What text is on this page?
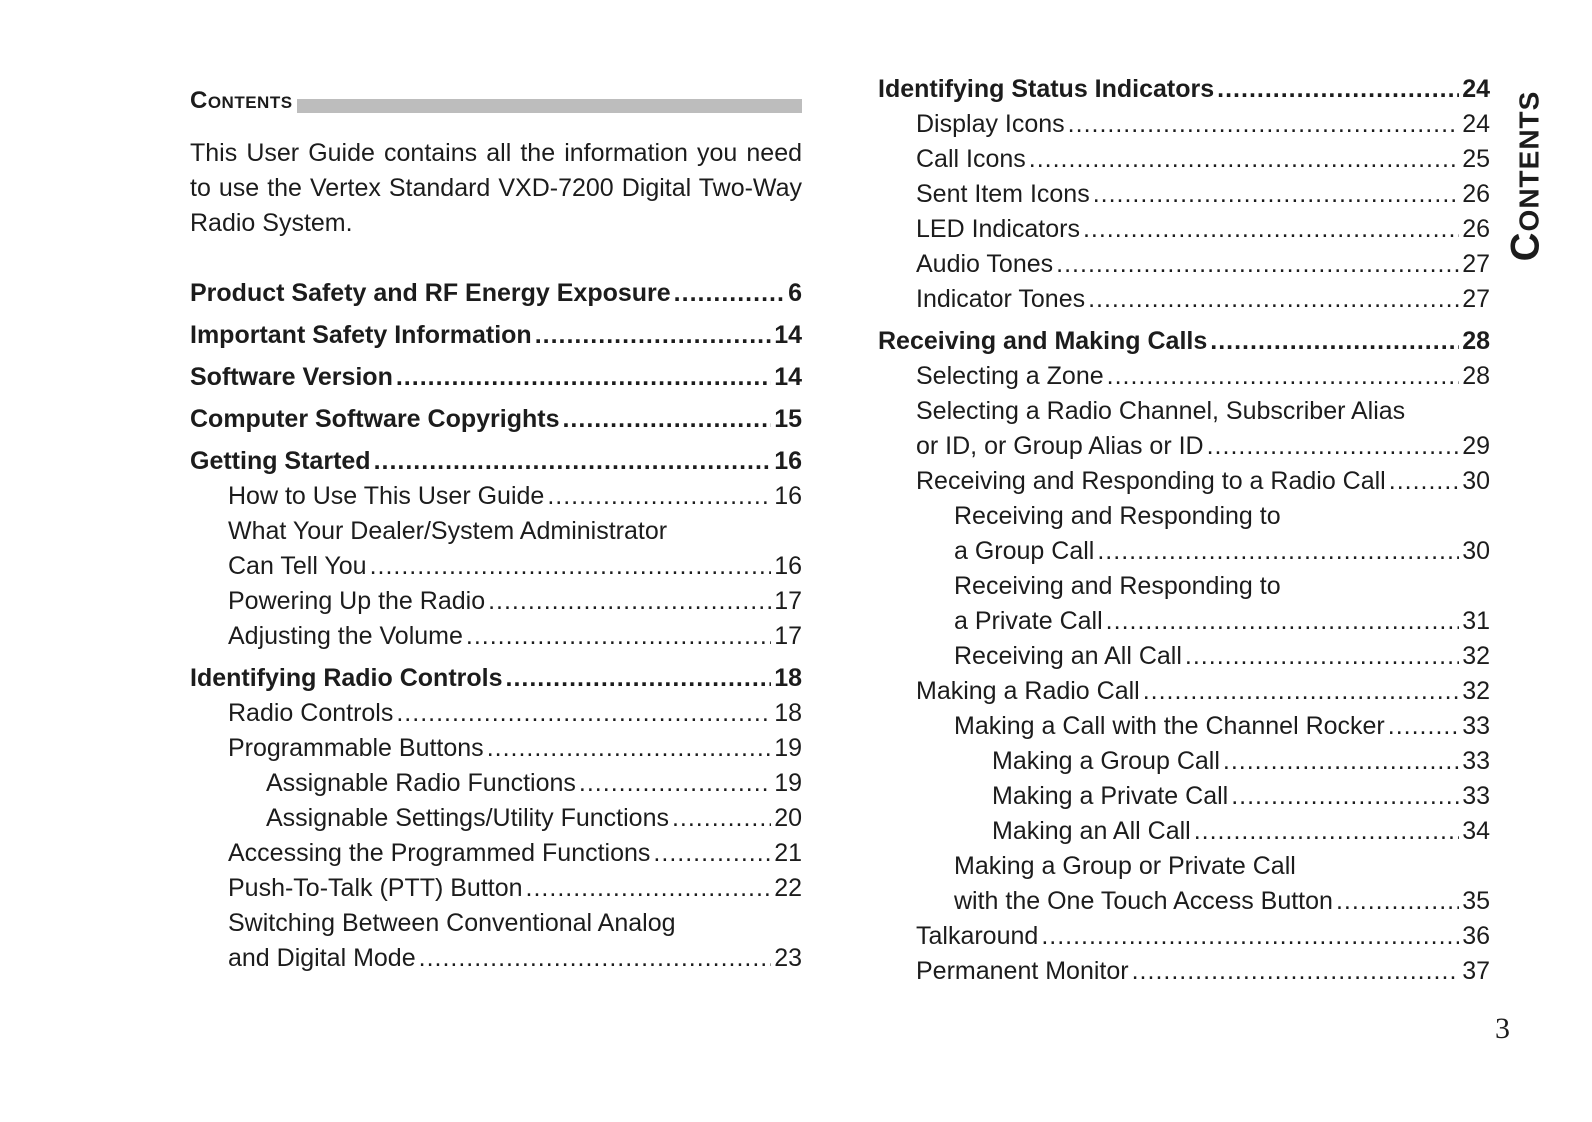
Contents
This User Guide contains all the information you need to use the Vertex Standard VXD-7200 Digital Two-Way Radio System.
Product Safety and RF Energy Exposure .....	6
Important Safety Information .....	14
Software Version .....	14
Computer Software Copyrights .....	15
Getting Started .....	16
How to Use This User Guide .....	16
What Your Dealer/System Administrator
Can Tell You .....	16
Powering Up the Radio .....	17
Adjusting the Volume .....	17
Identifying Radio Controls .....	18
Radio Controls .....	18
Programmable Buttons .....	19
Assignable Radio Functions .....	19
Assignable Settings/Utility Functions .....	20
Accessing the Programmed Functions .....	21
Push-To-Talk (PTT) Button .....	22
Switching Between Conventional Analog
and Digital Mode .....	23
Identifying Status Indicators .....	24
Display Icons .....	24
Call Icons .....	25
Sent Item Icons .....	26
LED Indicators .....	26
Audio Tones .....	27
Indicator Tones .....	27
Receiving and Making Calls .....	28
Selecting a Zone .....	28
Selecting a Radio Channel, Subscriber Alias
or ID, or Group Alias or ID .....	29
Receiving and Responding to a Radio Call .....	30
Receiving and Responding to
a Group Call .....	30
Receiving and Responding to
a Private Call .....	31
Receiving an All Call .....	32
Making a Radio Call .....	32
Making a Call with the Channel Rocker .....	33
Making a Group Call .....	33
Making a Private Call .....	33
Making an All Call .....	34
Making a Group or Private Call
with the One Touch Access Button .....	35
Talkaround .....	36
Permanent Monitor .....	37
Contents
3
